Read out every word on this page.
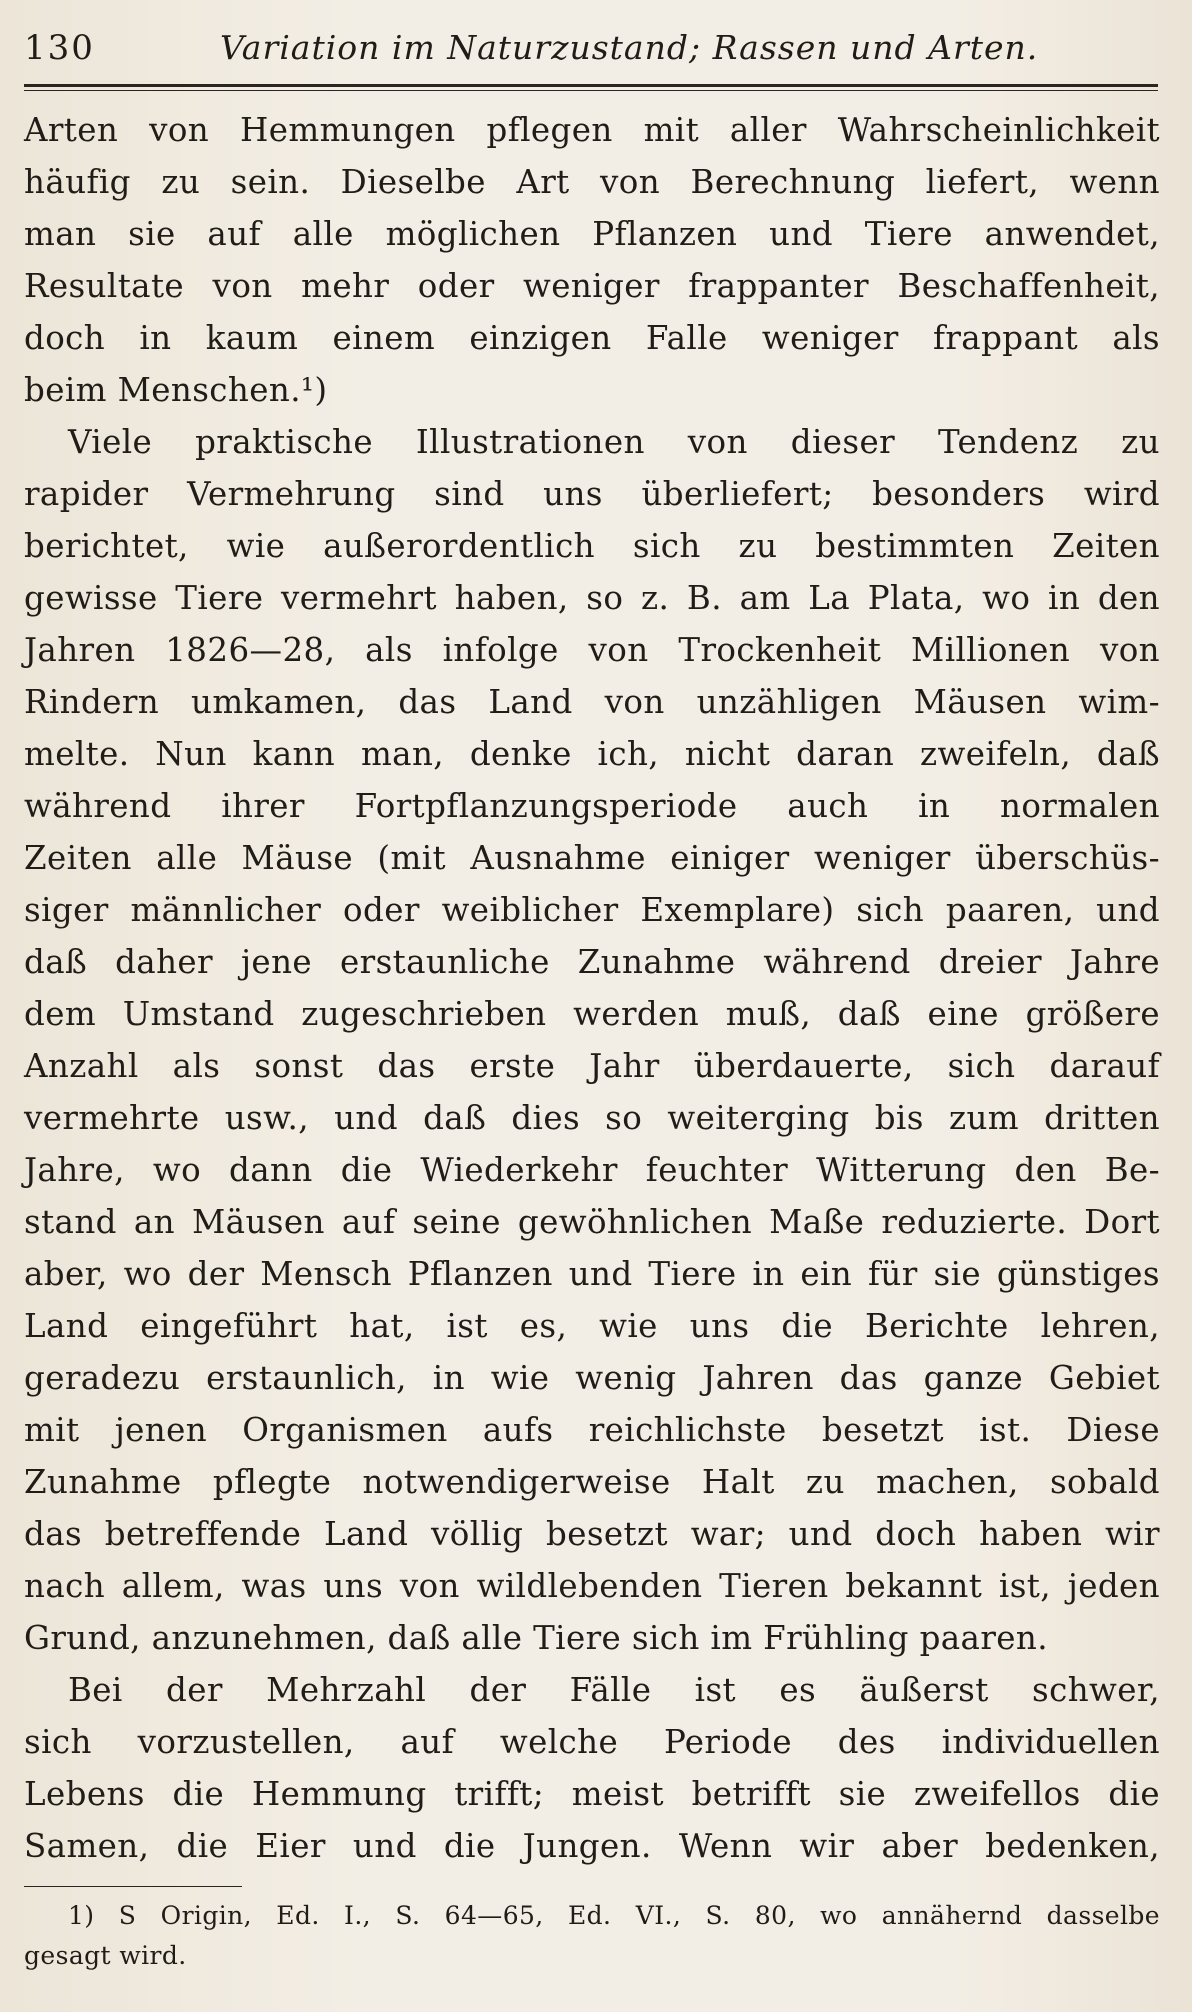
130	Variation im Naturzustand; Rassen und Arten.
Arten von Hemmungen pflegen mit aller Wahrscheinlichkeit
häufig zu sein. Dieselbe Art von Berechnung liefert, wenn
man sie auf alle möglichen Pflanzen und Tiere anwendet,
Resultate von mehr oder weniger frappanter Beschaffenheit,
doch in kaum einem einzigen Falle weniger frappant als
beim Menschen.¹)
Viele praktische Illustrationen von dieser Tendenz zu
rapider Vermehrung sind uns überliefert; besonders wird
berichtet, wie außerordentlich sich zu bestimmten Zeiten
gewisse Tiere vermehrt haben, so z. B. am La Plata, wo in den
Jahren 1826—28, als infolge von Trockenheit Millionen von
Rindern umkamen, das Land von unzähligen Mäusen wim-
melte. Nun kann man, denke ich, nicht daran zweifeln, daß
während ihrer Fortpflanzungsperiode auch in normalen
Zeiten alle Mäuse (mit Ausnahme einiger weniger überschüs-
siger männlicher oder weiblicher Exemplare) sich paaren, und
daß daher jene erstaunliche Zunahme während dreier Jahre
dem Umstand zugeschrieben werden muß, daß eine größere
Anzahl als sonst das erste Jahr überdauerte, sich darauf
vermehrte usw., und daß dies so weiterging bis zum dritten
Jahre, wo dann die Wiederkehr feuchter Witterung den Be-
stand an Mäusen auf seine gewöhnlichen Maße reduzierte. Dort
aber, wo der Mensch Pflanzen und Tiere in ein für sie günstiges
Land eingeführt hat, ist es, wie uns die Berichte lehren,
geradezu erstaunlich, in wie wenig Jahren das ganze Gebiet
mit jenen Organismen aufs reichlichste besetzt ist. Diese
Zunahme pflegte notwendigerweise Halt zu machen, sobald
das betreffende Land völlig besetzt war; und doch haben wir
nach allem, was uns von wildlebenden Tieren bekannt ist, jeden
Grund, anzunehmen, daß alle Tiere sich im Frühling paaren.
Bei der Mehrzahl der Fälle ist es äußerst schwer,
sich vorzustellen, auf welche Periode des individuellen
Lebens die Hemmung trifft; meist betrifft sie zweifellos die
Samen, die Eier und die Jungen. Wenn wir aber bedenken,
1) S Origin, Ed. I., S. 64—65, Ed. VI., S. 80, wo annähernd dasselbe
gesagt wird.
